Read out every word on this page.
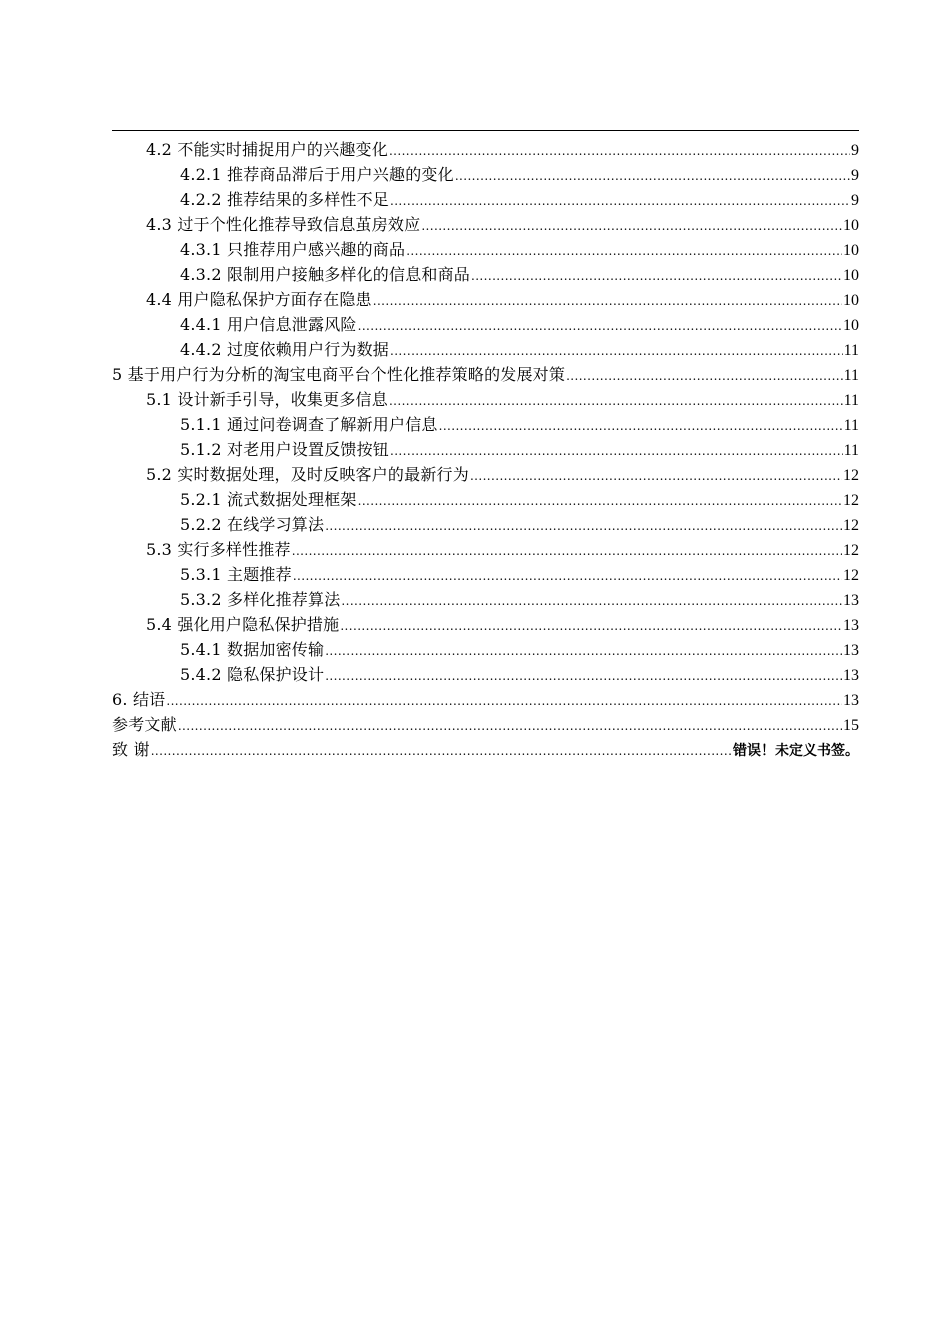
4.2 不能实时捕捉用户的兴趣变化 .....	9
4.2.1 推荐商品滞后于用户兴趣的变化 .....	9
4.2.2 推荐结果的多样性不足 .....	9
4.3 过于个性化推荐导致信息茧房效应 .....	10
4.3.1 只推荐用户感兴趣的商品 .....	10
4.3.2 限制用户接触多样化的信息和商品 .....	10
4.4 用户隐私保护方面存在隐患 .....	10
4.4.1 用户信息泄露风险 .....	10
4.4.2 过度依赖用户行为数据 .....	11
5 基于用户行为分析的淘宝电商平台个性化推荐策略的发展对策 .....	11
5.1 设计新手引导，收集更多信息 .....	11
5.1.1 通过问卷调查了解新用户信息 .....	11
5.1.2 对老用户设置反馈按钮 .....	11
5.2 实时数据处理，及时反映客户的最新行为 .....	12
5.2.1 流式数据处理框架 .....	12
5.2.2 在线学习算法 .....	12
5.3 实行多样性推荐 .....	12
5.3.1 主题推荐 .....	12
5.3.2 多样化推荐算法 .....	13
5.4 强化用户隐私保护措施 .....	13
5.4.1 数据加密传输 .....	13
5.4.2 隐私保护设计 .....	13
6. 结语 .....	13
参考文献 .....	15
致 谢 .....	错误！未定义书签。
